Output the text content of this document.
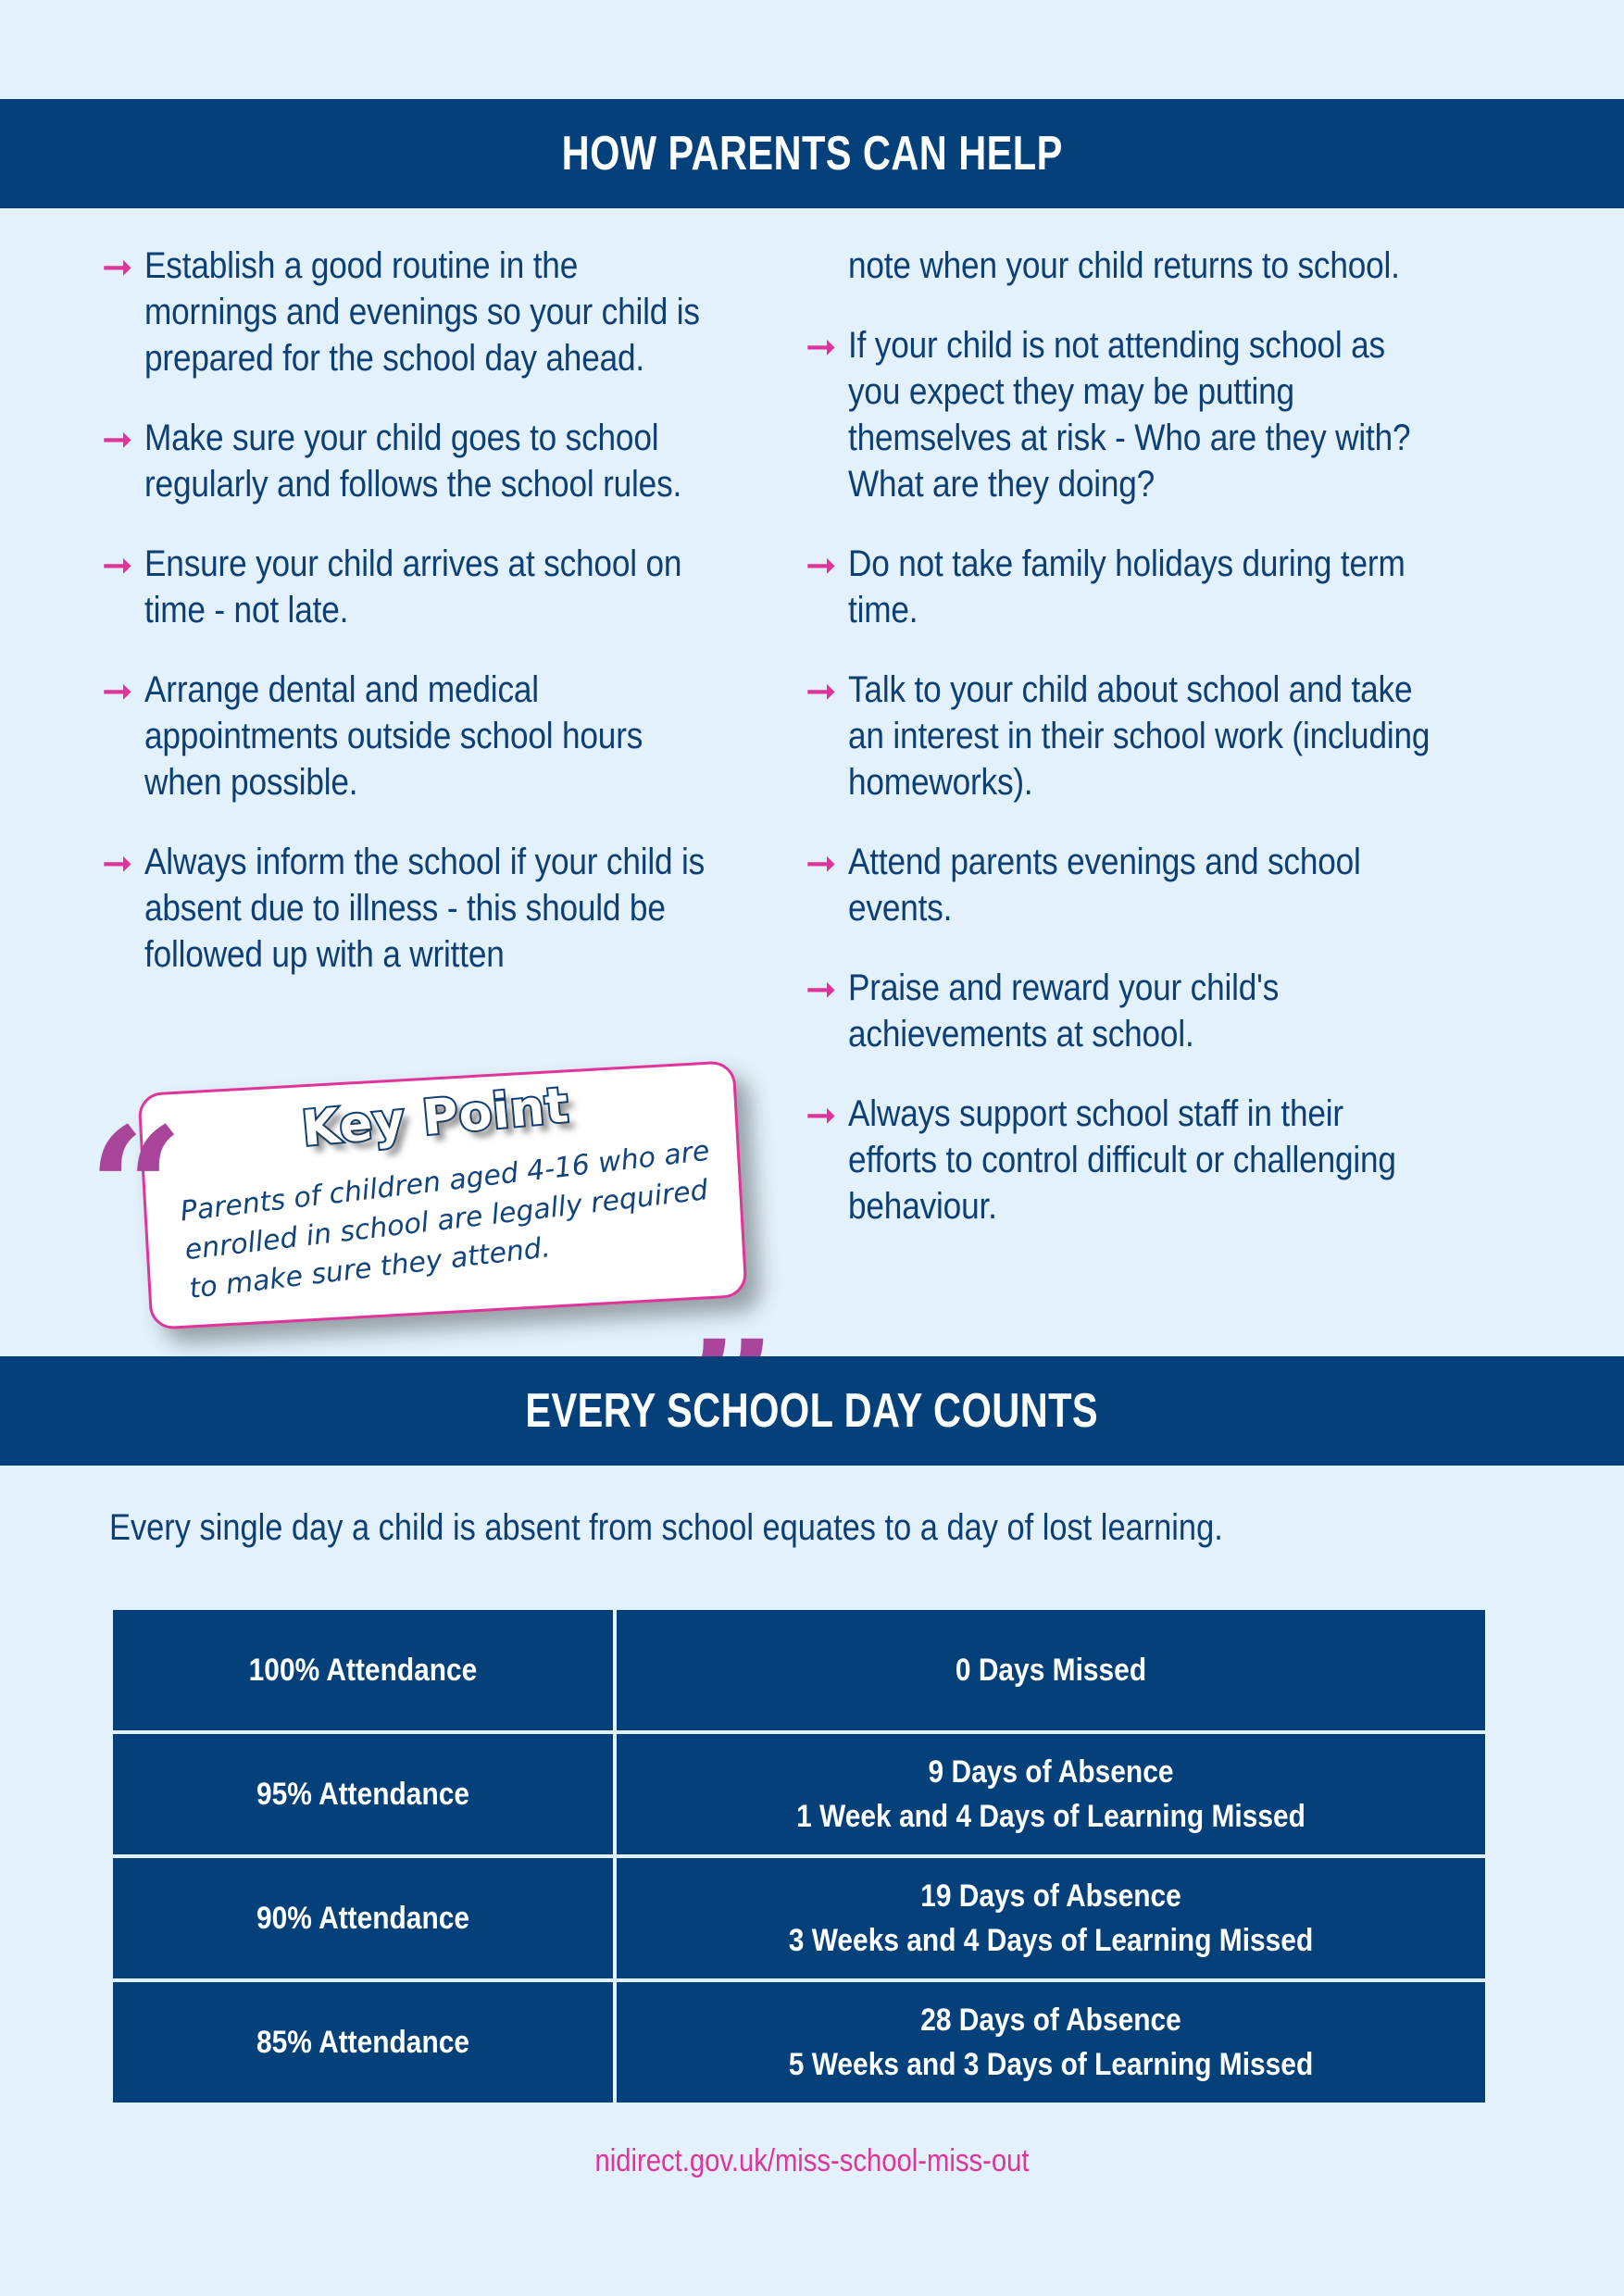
HOW PARENTS CAN HELP
➞ Establish a good routine in the mornings and evenings so your child is prepared for the school day ahead.
➞ Make sure your child goes to school regularly and follows the school rules.
➞ Ensure your child arrives at school on time - not late.
➞ Arrange dental and medical appointments outside school hours when possible.
➞ Always inform the school if your child is absent due to illness - this should be followed up with a written
note when your child returns to school.
➞ If your child is not attending school as you expect they may be putting themselves at risk - Who are they with? What are they doing?
➞ Do not take family holidays during term time.
➞ Talk to your child about school and take an interest in their school work (including homeworks).
➞ Attend parents evenings and school events.
➞ Praise and reward your child's achievements at school.
➞ Always support school staff in their efforts to control difficult or challenging behaviour.
Key Point
Parents of children aged 4-16 who are enrolled in school are legally required to make sure they attend.
“
EVERY SCHOOL DAY COUNTS
Every single day a child is absent from school equates to a day of lost learning.
100% Attendance	0 Days Missed

95% Attendance	9 Days of Absence
1 Week and 4 Days of Learning Missed

90% Attendance	19 Days of Absence
3 Weeks and 4 Days of Learning Missed

85% Attendance	28 Days of Absence
5 Weeks and 3 Days of Learning Missed
nidirect.gov.uk/miss-school-miss-out
